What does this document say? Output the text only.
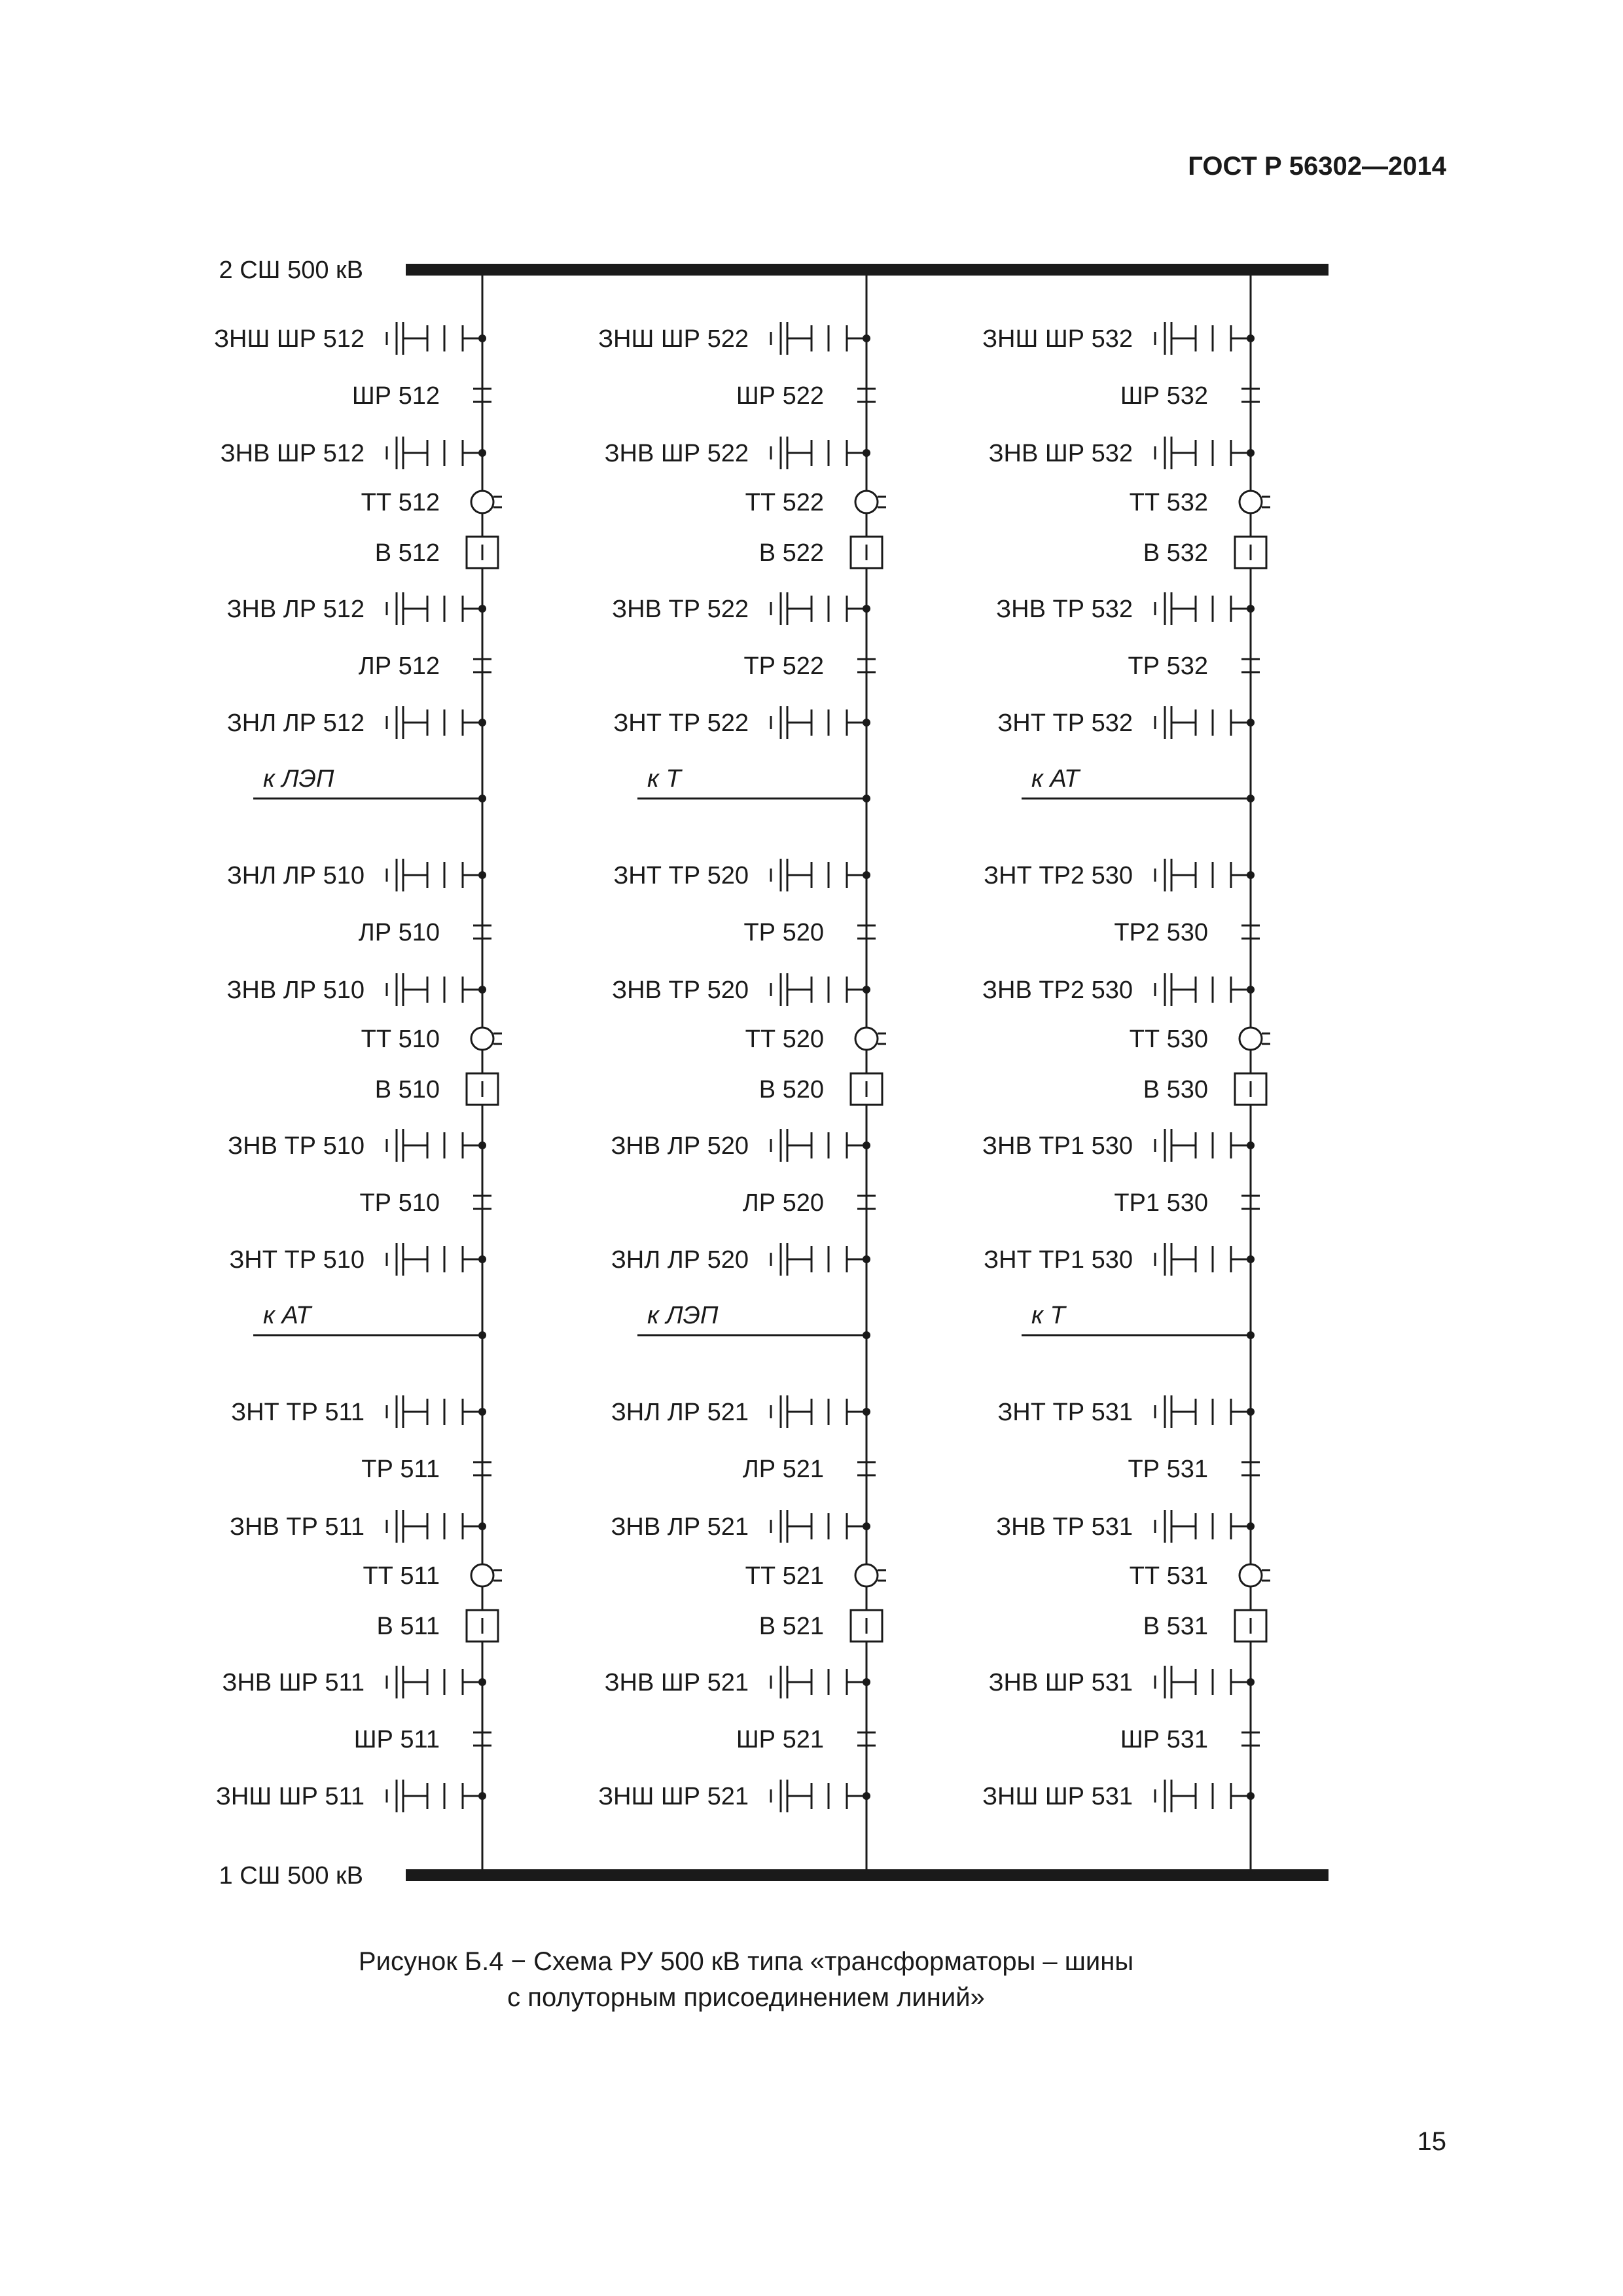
ГОСТ Р 56302—2014
2 СШ 500 кВ
1 СШ 500 кВ
ЗНШ ШР 512
ШР 512
ЗНВ ШР 512
ТТ 512
В 512
ЗНВ ЛР 512
ЛР 512
ЗНЛ ЛР 512
ЗНЛ ЛР 510
ЛР 510
ЗНВ ЛР 510
ТТ 510
В 510
ЗНВ ТР 510
ТР 510
ЗНТ ТР 510
ЗНТ ТР 511
ТР 511
ЗНВ ТР 511
ТТ 511
В 511
ЗНВ ШР 511
ШР 511
ЗНШ ШР 511
к ЛЭП
к АТ
ЗНШ ШР 522
ШР 522
ЗНВ ШР 522
ТТ 522
В 522
ЗНВ ТР 522
ТР 522
ЗНТ ТР 522
ЗНТ ТР 520
ТР 520
ЗНВ ТР 520
ТТ 520
В 520
ЗНВ ЛР 520
ЛР 520
ЗНЛ ЛР 520
ЗНЛ ЛР 521
ЛР 521
ЗНВ ЛР 521
ТТ 521
В 521
ЗНВ ШР 521
ШР 521
ЗНШ ШР 521
к Т
к ЛЭП
ЗНШ ШР 532
ШР 532
ЗНВ ШР 532
ТТ 532
В 532
ЗНВ ТР 532
ТР 532
ЗНТ ТР 532
ЗНТ ТР2 530
ТР2 530
ЗНВ ТР2 530
ТТ 530
В 530
ЗНВ ТР1 530
ТР1 530
ЗНТ ТР1 530
ЗНТ ТР 531
ТР 531
ЗНВ ТР 531
ТТ 531
В 531
ЗНВ ШР 531
ШР 531
ЗНШ ШР 531
к АТ
к Т
Рисунок Б.4 − Схема РУ 500 кВ типа «трансформаторы – шины
с полуторным присоединением линий»
15
